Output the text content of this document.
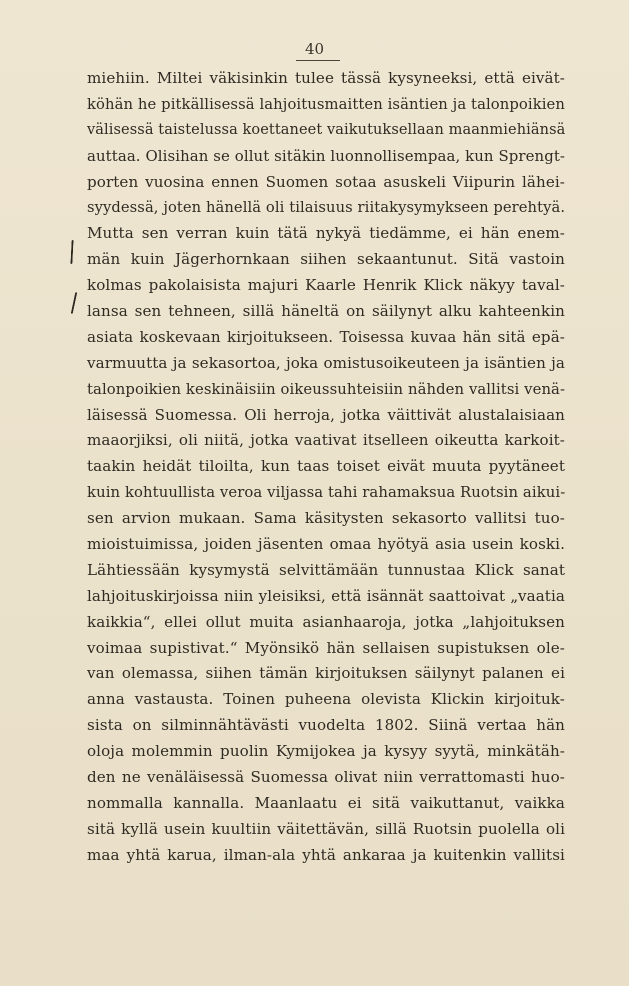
40
miehiin. Miltei väkisinkin tulee tässä kysyneeksi, että eivät-
köhän he pitkällisessä lahjoitusmaitten isäntien ja talonpoikien
välisessä taistelussa koettaneet vaikutuksellaan maanmiehiänsä
auttaa. Olisihan se ollut sitäkin luonnollisempaa, kun Sprengt-
porten vuosina ennen Suomen sotaa asuskeli Viipurin lähei-
syydessä, joten hänellä oli tilaisuus riitakysymykseen perehtyä.
Mutta sen verran kuin tätä nykyä tiedämme, ei hän enem-
män kuin Jägerhornkaan siihen sekaantunut. Sitä vastoin
kolmas pakolaisista majuri Kaarle Henrik Klick näkyy taval-
lansa sen tehneen, sillä häneltä on säilynyt alku kahteenkin
asiata koskevaan kirjoitukseen. Toisessa kuvaa hän sitä epä-
varmuutta ja sekasortoa, joka omistusoikeuteen ja isäntien ja
talonpoikien keskinäisiin oikeussuhteisiin nähden vallitsi venä-
läisessä Suomessa. Oli herroja, jotka väittivät alustalaisiaan
maaorjiksi, oli niitä, jotka vaativat itselleen oikeutta karkoit-
taakin heidät tiloilta, kun taas toiset eivät muuta pyytäneet
kuin kohtuullista veroa viljassa tahi rahamaksua Ruotsin aikui-
sen arvion mukaan. Sama käsitysten sekasorto vallitsi tuo-
mioistuimissa, joiden jäsenten omaa hyötyä asia usein koski.
Lähtiessään kysymystä selvittämään tunnustaa Klick sanat
lahjoituskirjoissa niin yleisiksi, että isännät saattoivat „vaatia
kaikkia“, ellei ollut muita asianhaaroja, jotka „lahjoituksen
voimaa supistivat.“ Myönsikö hän sellaisen supistuksen ole-
van olemassa, siihen tämän kirjoituksen säilynyt palanen ei
anna vastausta. Toinen puheena olevista Klickin kirjoituk-
sista on silminnähtävästi vuodelta 1802. Siinä vertaa hän
oloja molemmin puolin Kymijokea ja kysyy syytä, minkätäh-
den ne venäläisessä Suomessa olivat niin verrattomasti huo-
nommalla kannalla. Maanlaatu ei sitä vaikuttanut, vaikka
sitä kyllä usein kuultiin väitettävän, sillä Ruotsin puolella oli
maa yhtä karua, ilman-ala yhtä ankaraa ja kuitenkin vallitsi
